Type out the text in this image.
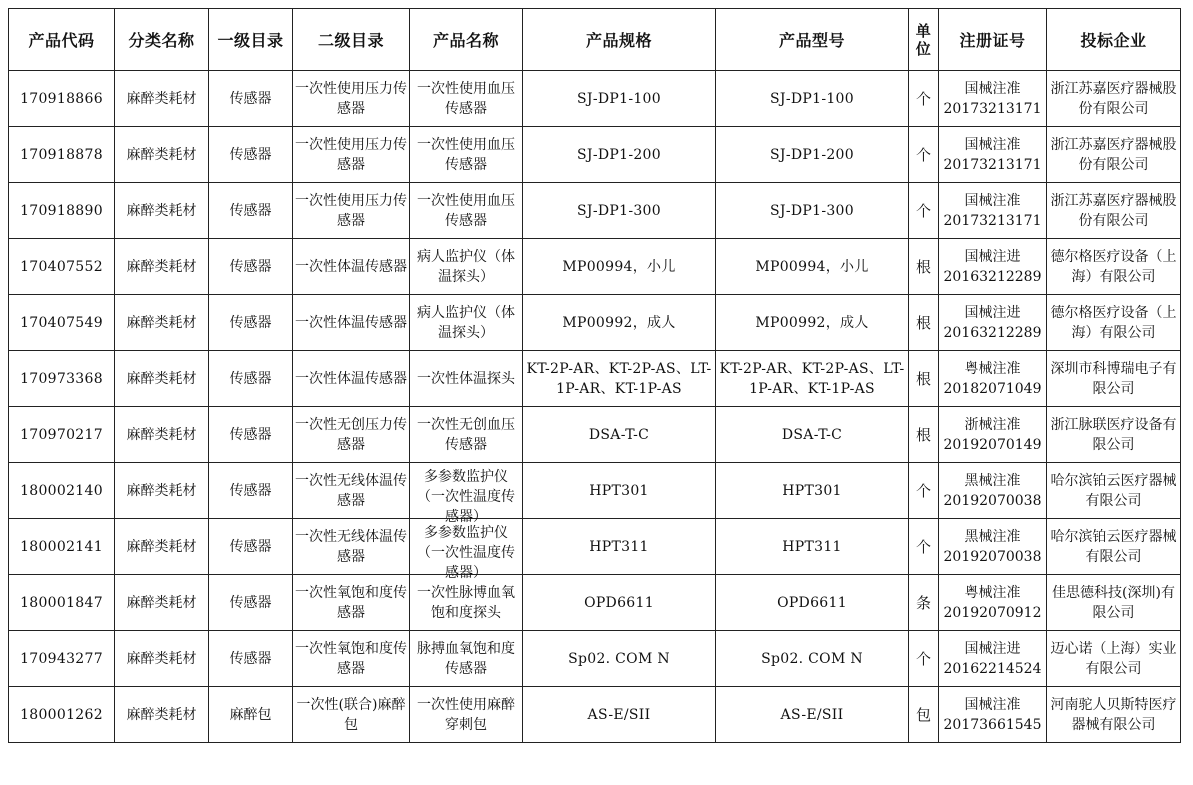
产品代码	分类名称	一级目录	二级目录	产品名称	产品规格	产品型号	单位	注册证号	投标企业

170918866	麻醉类耗材	传感器	一次性使用压力传感器	一次性使用血压传感器	SJ-DP1-100	SJ-DP1-100	个	国械注准20173213171	浙江苏嘉医疗器械股份有限公司

170918878	麻醉类耗材	传感器	一次性使用压力传感器	一次性使用血压传感器	SJ-DP1-200	SJ-DP1-200	个	国械注准20173213171	浙江苏嘉医疗器械股份有限公司

170918890	麻醉类耗材	传感器	一次性使用压力传感器	一次性使用血压传感器	SJ-DP1-300	SJ-DP1-300	个	国械注准20173213171	浙江苏嘉医疗器械股份有限公司

170407552	麻醉类耗材	传感器	一次性体温传感器	病人监护仪（体温探头）	MP00994，小儿	MP00994，小儿	根	国械注进20163212289	德尔格医疗设备（上海）有限公司

170407549	麻醉类耗材	传感器	一次性体温传感器	病人监护仪（体温探头）	MP00992，成人	MP00992，成人	根	国械注进20163212289	德尔格医疗设备（上海）有限公司

170973368	麻醉类耗材	传感器	一次性体温传感器	一次性体温探头	KT-2P-AR、KT-2P-AS、LT-1P-AR、KT-1P-AS	KT-2P-AR、KT-2P-AS、LT-1P-AR、KT-1P-AS	根	粤械注准20182071049	深圳市科博瑞电子有限公司

170970217	麻醉类耗材	传感器	一次性无创压力传感器	一次性无创血压传感器	DSA-T-C	DSA-T-C	根	浙械注准20192070149	浙江脉联医疗设备有限公司

180002140	麻醉类耗材	传感器	一次性无线体温传感器	多参数监护仪（一次性温度传感器）	HPT301	HPT301	个	黑械注准20192070038	哈尔滨铂云医疗器械有限公司

180002141	麻醉类耗材	传感器	一次性无线体温传感器	多参数监护仪（一次性温度传感器）	HPT311	HPT311	个	黑械注准20192070038	哈尔滨铂云医疗器械有限公司

180001847	麻醉类耗材	传感器	一次性氧饱和度传感器	一次性脉博血氧饱和度探头	OPD6611	OPD6611	条	粤械注准20192070912	佳思德科技(深圳)有限公司

170943277	麻醉类耗材	传感器	一次性氧饱和度传感器	脉搏血氧饱和度传感器	Sp02. COM N	Sp02. COM N	个	国械注进20162214524	迈心诺（上海）实业有限公司

180001262	麻醉类耗材	麻醉包	一次性(联合)麻醉包	一次性使用麻醉穿刺包	AS-E/SII	AS-E/SII	包	国械注准20173661545	河南驼人贝斯特医疗器械有限公司
